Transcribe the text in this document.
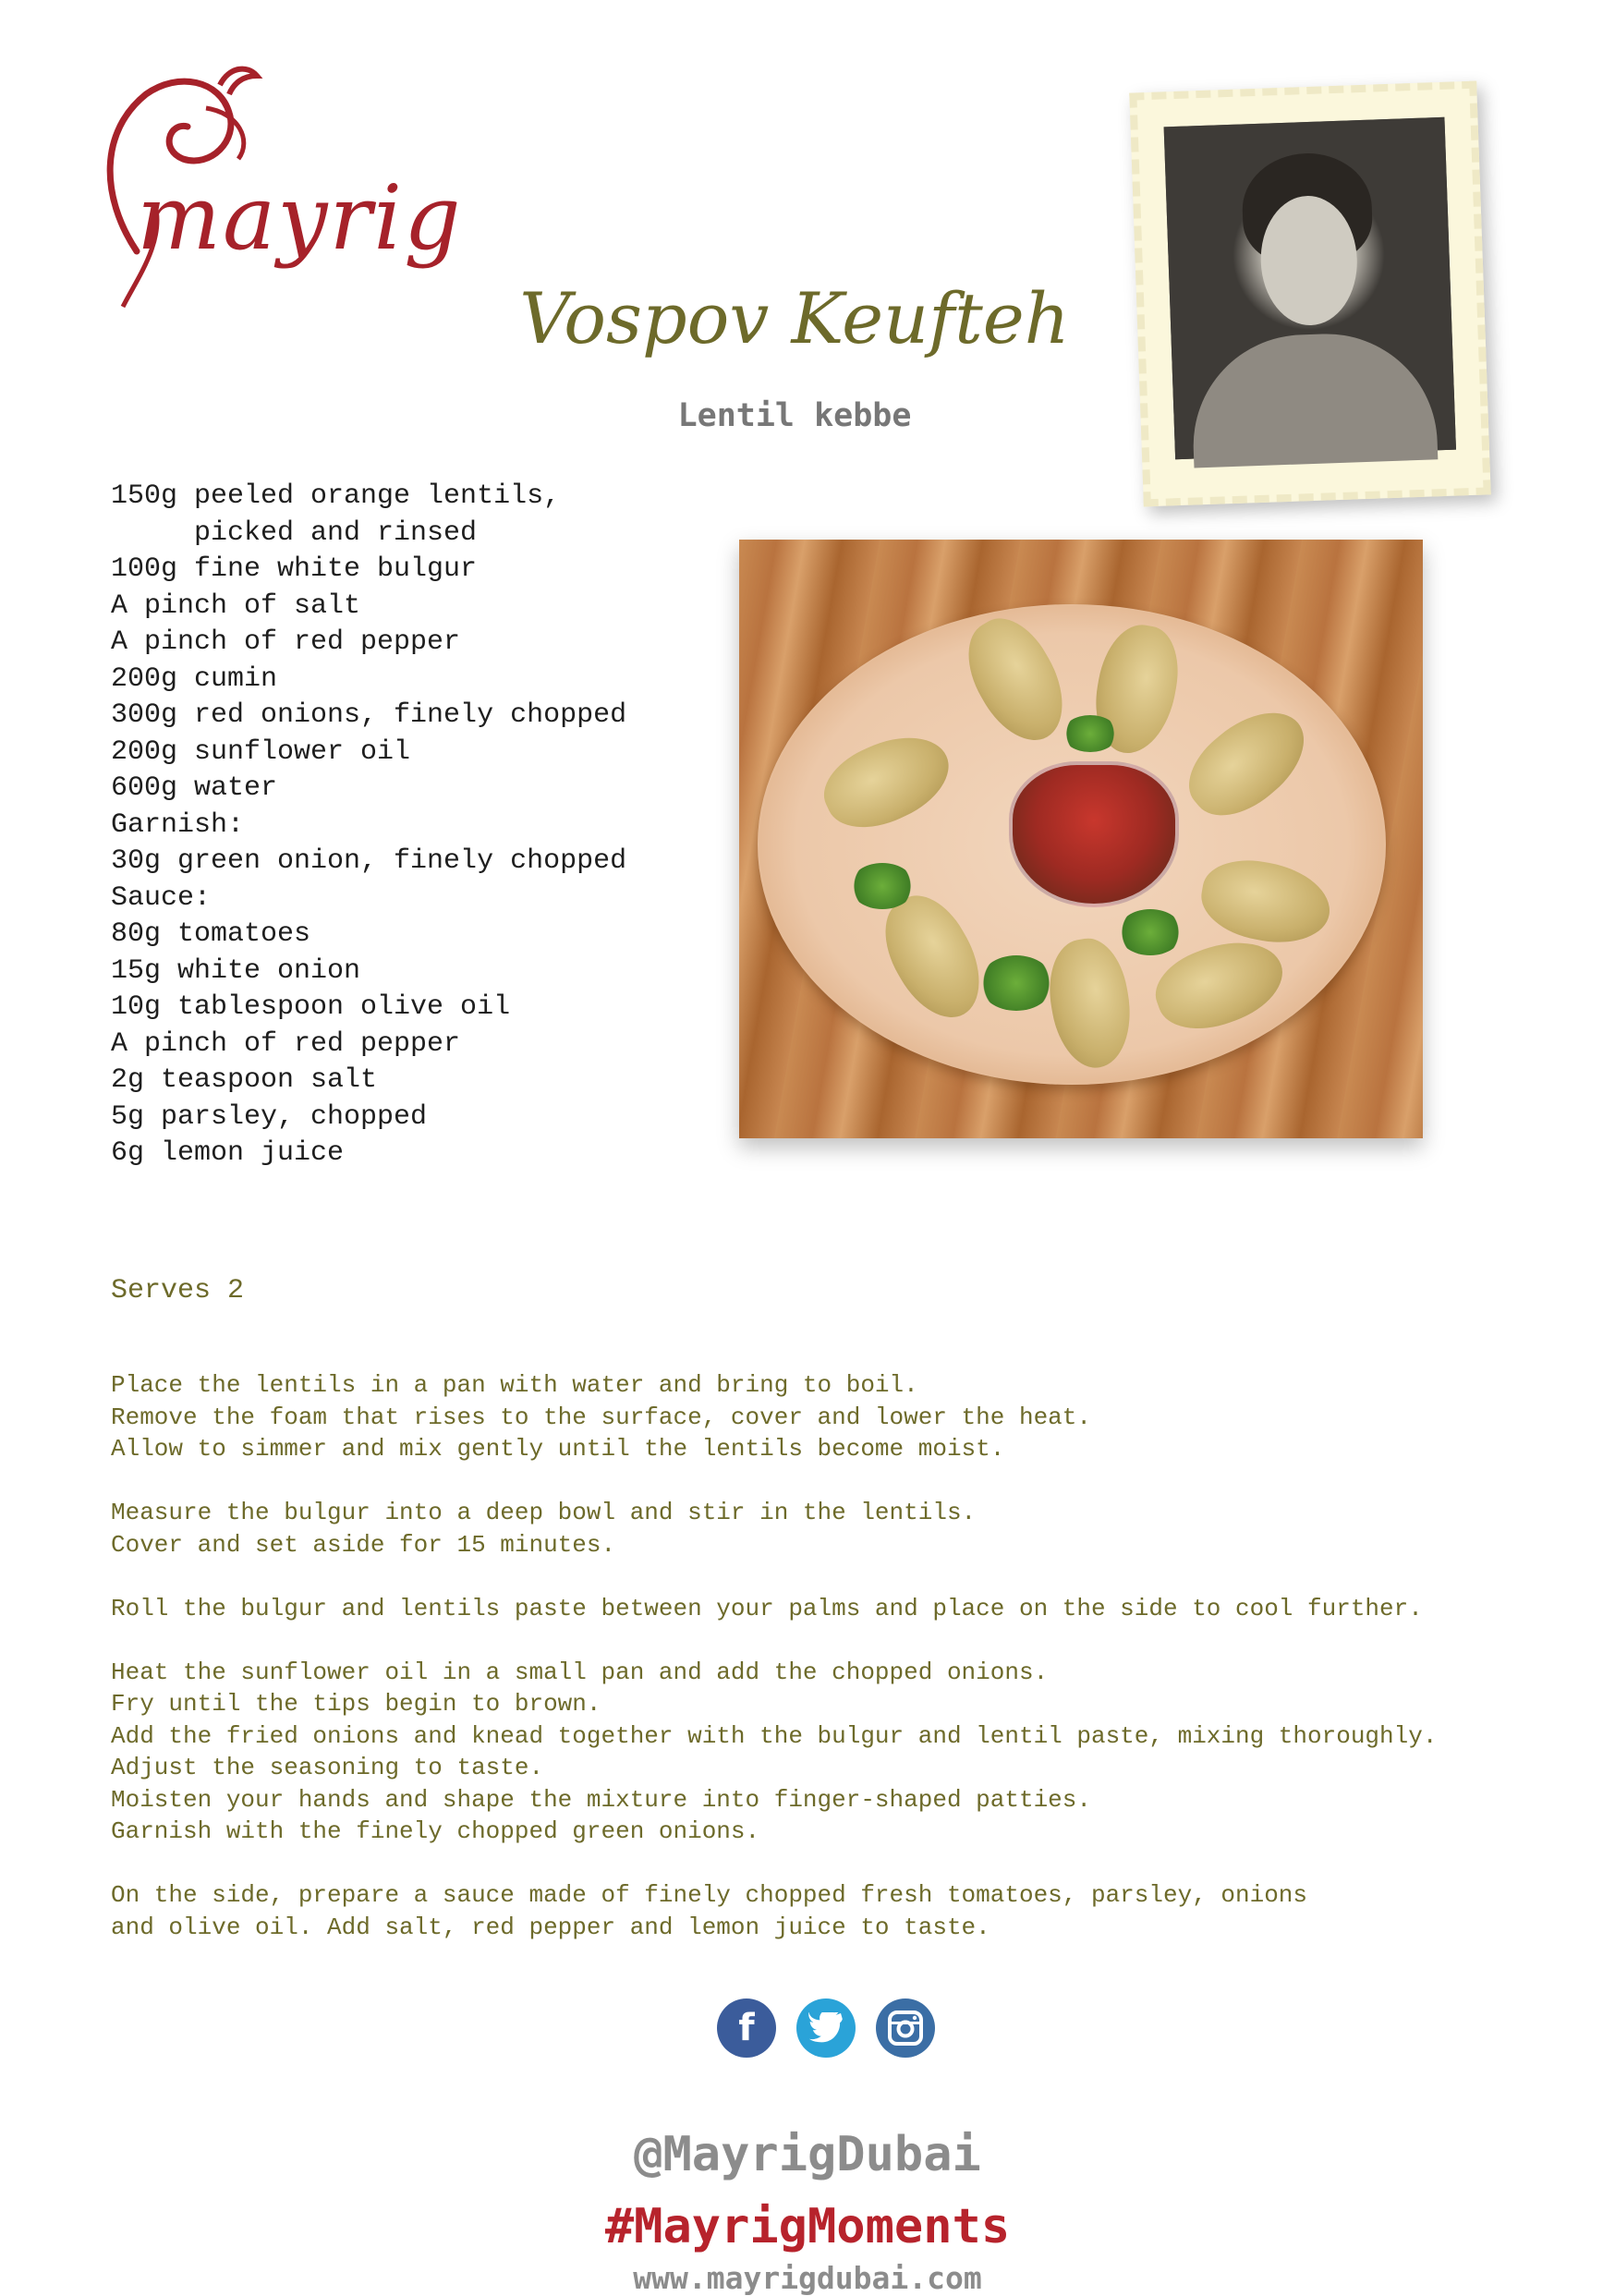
mayrig
Vospov Keufteh
Lentil kebbe
150g peeled orange lentils,
picked and rinsed
100g fine white bulgur
A pinch of salt
A pinch of red pepper
200g cumin
300g red onions, finely chopped
200g sunflower oil
600g water
Garnish:
30g green onion, finely chopped
Sauce:
80g tomatoes
15g white onion
10g tablespoon olive oil
A pinch of red pepper
2g teaspoon salt
5g parsley, chopped
6g lemon juice
Serves 2

Place the lentils in a pan with water and bring to boil.
Remove the foam that rises to the surface, cover and lower the heat.
Allow to simmer and mix gently until the lentils become moist.

Measure the bulgur into a deep bowl and stir in the lentils.
Cover and set aside for 15 minutes.

Roll the bulgur and lentils paste between your palms and place on the side to cool further.

Heat the sunflower oil in a small pan and add the chopped onions.
Fry until the tips begin to brown.
Add the fried onions and knead together with the bulgur and lentil paste, mixing thoroughly.
Adjust the seasoning to taste.
Moisten your hands and shape the mixture into finger-shaped patties.
Garnish with the finely chopped green onions.

On the side, prepare a sauce made of finely chopped fresh tomatoes, parsley, onions
and olive oil. Add salt, red pepper and lemon juice to taste.

f
@MayrigDubai
#MayrigMoments
www.mayrigdubai.com
